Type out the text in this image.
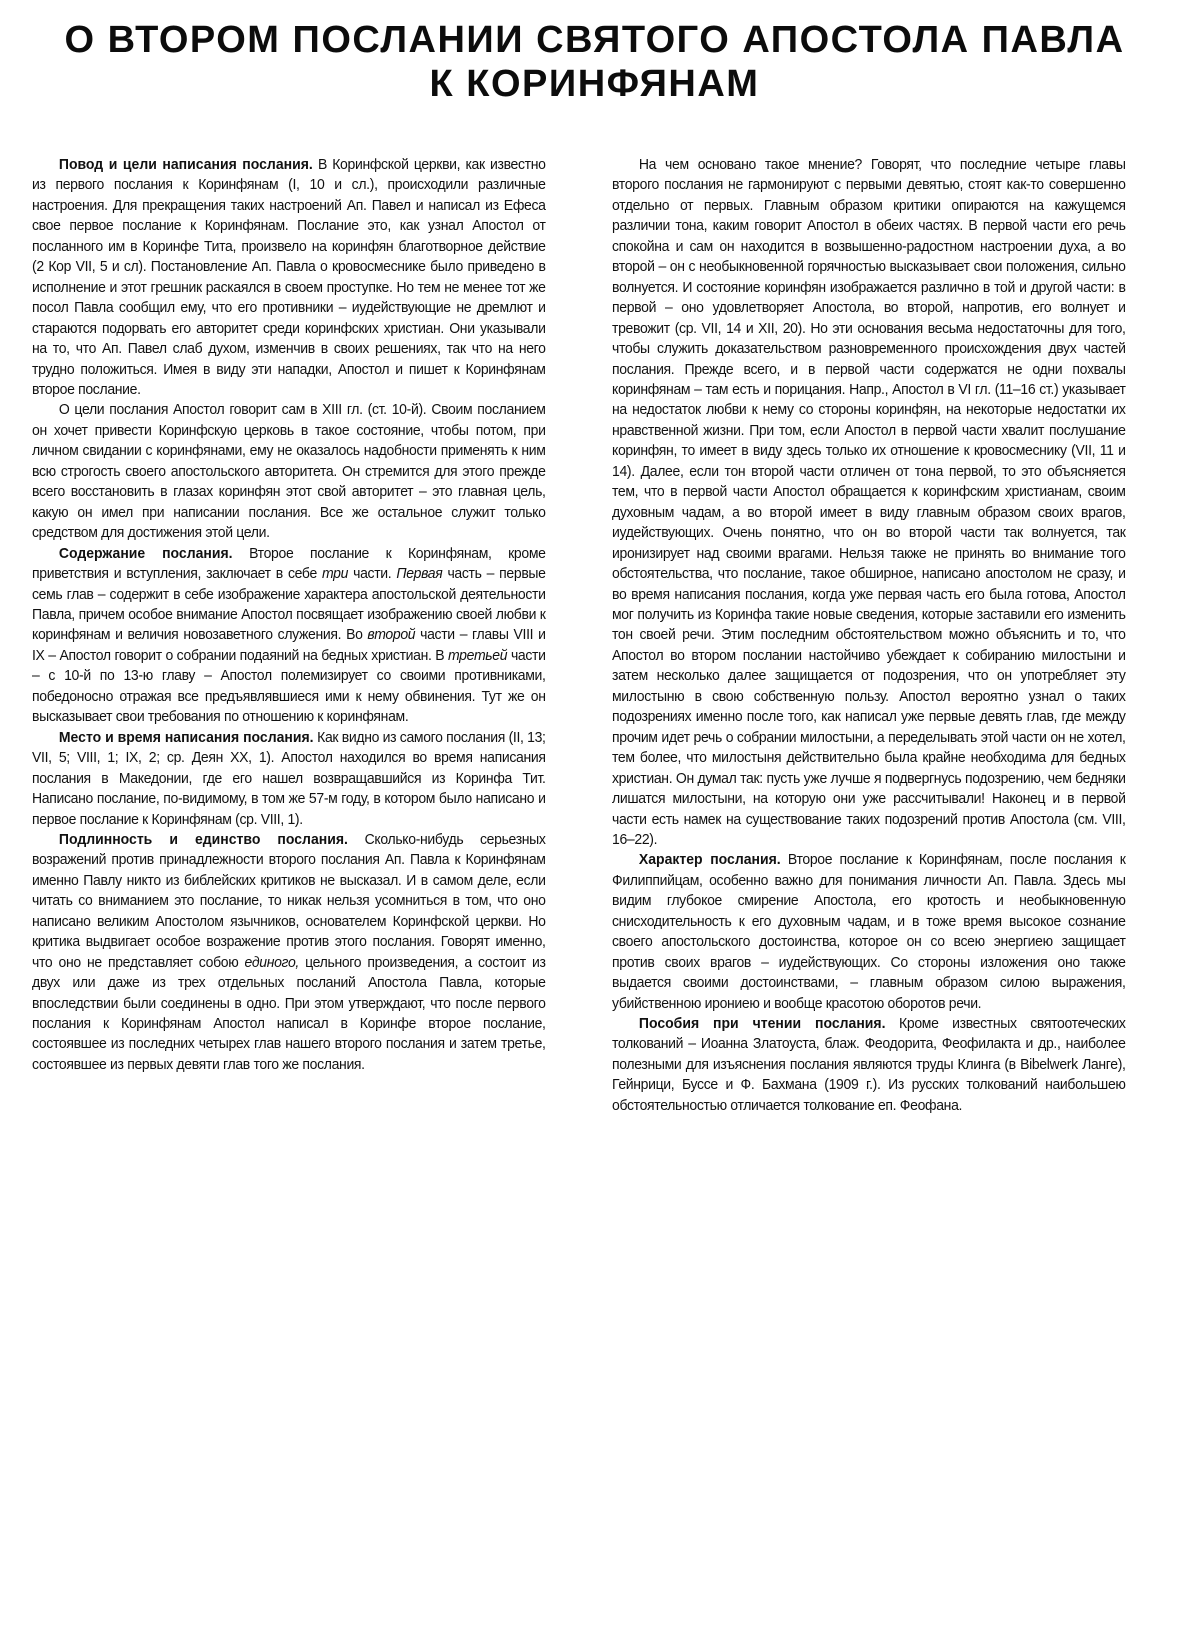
О ВТОРОМ ПОСЛАНИИ СВЯТОГО АПОСТОЛА ПАВЛА
К КОРИНФЯНАМ

Повод и цели написания послания. В Коринфской церкви, как известно из первого послания к Коринфянам (I, 10 и сл.), происходили различные настроения. Для прекращения таких настроений Ап. Павел и написал из Ефеса свое первое послание к Коринфянам. Послание это, как узнал Апостол от посланного им в Коринфе Тита, произвело на коринфян благотворное действие (2 Кор VII, 5 и сл). Постановление Ап. Павла о кровосмеснике было приведено в исполнение и этот грешник раскаялся в своем проступке. Но тем не менее тот же посол Павла сообщил ему, что его противники – иудействующие не дремлют и стараются подорвать его авторитет среди коринфских христиан. Они указывали на то, что Ап. Павел слаб духом, изменчив в своих решениях, так что на него трудно положиться. Имея в виду эти нападки, Апостол и пишет к Коринфянам второе послание.

О цели послания Апостол говорит сам в XIII гл. (ст. 10-й). Своим посланием он хочет привести Коринфскую церковь в такое состояние, чтобы потом, при личном свидании с коринфянами, ему не оказалось надобности применять к ним всю строгость своего апостольского авторитета. Он стремится для этого прежде всего восстановить в глазах коринфян этот свой авторитет – это главная цель, какую он имел при написании послания. Все же остальное служит только средством для достижения этой цели.

Содержание послания. Второе послание к Коринфянам, кроме приветствия и вступления, заключает в себе три части. Первая часть – первые семь глав – содержит в себе изображение характера апостольской деятельности Павла, причем особое внимание Апостол посвящает изображению своей любви к коринфянам и величия новозаветного служения. Во второй части – главы VIII и IX – Апостол говорит о собрании подаяний на бедных христиан. В третьей части – с 10-й по 13-ю главу – Апостол полемизирует со своими противниками, победоносно отражая все предъявлявшиеся ими к нему обвинения. Тут же он высказывает свои требования по отношению к коринфянам.

Место и время написания послания. Как видно из самого послания (II, 13; VII, 5; VIII, 1; IX, 2; ср. Деян XX, 1). Апостол находился во время написания послания в Македонии, где его нашел возвращавшийся из Коринфа Тит. Написано послание, по-видимому, в том же 57-м году, в котором было написано и первое послание к Коринфянам (ср. VIII, 1).

Подлинность и единство послания. Сколько-нибудь серьезных возражений против принадлежности второго послания Ап. Павла к Коринфянам именно Павлу никто из библейских критиков не высказал. И в самом деле, если читать со вниманием это послание, то никак нельзя усомниться в том, что оно написано великим Апостолом язычников, основателем Коринфской церкви. Но критика выдвигает особое возражение против этого послания. Говорят именно, что оно не представляет собою единого, цельного произведения, а состоит из двух или даже из трех отдельных посланий Апостола Павла, которые впоследствии были соединены в одно. При этом утверждают, что после первого послания к Коринфянам Апостол написал в Коринфе второе послание, состоявшее из последних четырех глав нашего второго послания и затем третье, состоявшее из первых девяти глав того же послания.

На чем основано такое мнение? Говорят, что последние четыре главы второго послания не гармонируют с первыми девятью, стоят как-то совершенно отдельно от первых. Главным образом критики опираются на кажущемся различии тона, каким говорит Апостол в обеих частях. В первой части его речь спокойна и сам он находится в возвышенно-радостном настроении духа, а во второй – он с необыкновенной горячностью высказывает свои положения, сильно волнуется. И состояние коринфян изображается различно в той и другой части: в первой – оно удовлетворяет Апостола, во второй, напротив, его волнует и тревожит (ср. VII, 14 и XII, 20). Но эти основания весьма недостаточны для того, чтобы служить доказательством разновременного происхождения двух частей послания. Прежде всего, и в первой части содержатся не одни похвалы коринфянам – там есть и порицания. Напр., Апостол в VI гл. (11–16 ст.) указывает на недостаток любви к нему со стороны коринфян, на некоторые недостатки их нравственной жизни. При том, если Апостол в первой части хвалит послушание коринфян, то имеет в виду здесь только их отношение к кровосмеснику (VII, 11 и 14). Далее, если тон второй части отличен от тона первой, то это объясняется тем, что в первой части Апостол обращается к коринфским христианам, своим духовным чадам, а во второй имеет в виду главным образом своих врагов, иудействующих. Очень понятно, что он во второй части так волнуется, так иронизирует над своими врагами. Нельзя также не принять во внимание того обстоятельства, что послание, такое обширное, написано апостолом не сразу, и во время написания послания, когда уже первая часть его была готова, Апостол мог получить из Коринфа такие новые сведения, которые заставили его изменить тон своей речи. Этим последним обстоятельством можно объяснить и то, что Апостол во втором послании настойчиво убеждает к собиранию милостыни и затем несколько далее защищается от подозрения, что он употребляет эту милостыню в свою собственную пользу. Апостол вероятно узнал о таких подозрениях именно после того, как написал уже первые девять глав, где между прочим идет речь о собрании милостыни, а переделывать этой части он не хотел, тем более, что милостыня действительно была крайне необходима для бедных христиан. Он думал так: пусть уже лучше я подвергнусь подозрению, чем бедняки лишатся милостыни, на которую они уже рассчитывали! Наконец и в первой части есть намек на существование таких подозрений против Апостола (см. VIII, 16–22).

Характер послания. Второе послание к Коринфянам, после послания к Филиппийцам, особенно важно для понимания личности Ап. Павла. Здесь мы видим глубокое смирение Апостола, его кротость и необыкновенную снисходительность к его духовным чадам, и в тоже время высокое сознание своего апостольского достоинства, которое он со всею энергиею защищает против своих врагов – иудействующих. Со стороны изложения оно также выдается своими достоинствами, – главным образом силою выражения, убийственною ирониею и вообще красотою оборотов речи.

Пособия при чтении послания. Кроме известных святоотеческих толкований – Иоанна Златоуста, блаж. Феодорита, Феофилакта и др., наиболее полезными для изъяснения послания являются труды Клинга (в Bibelwerk Ланге), Гейнрици, Буссе и Ф. Бахмана (1909 г.). Из русских толкований наибольшею обстоятельностью отличается толкование еп. Феофана.
